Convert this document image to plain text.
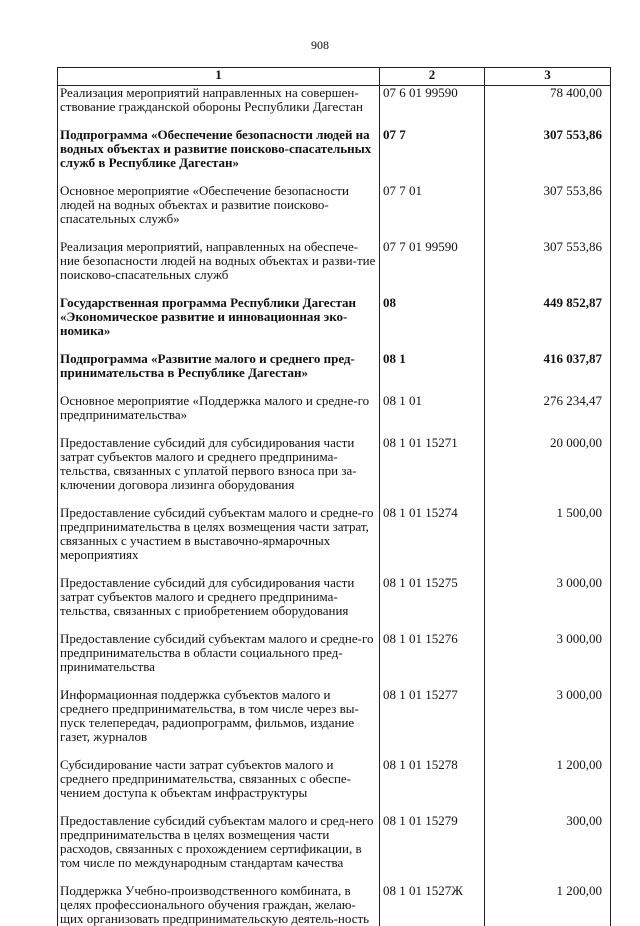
908
1	2	3
Реализация мероприятий направленных на совершен-ствование гражданской обороны Республики Дагестан	07 6 01 99590	78 400,00

Подпрограмма «Обеспечение безопасности людей на водных объектах и развитие поисково-спасательных служб в Республике Дагестан»	07 7	307 553,86

Основное мероприятие «Обеспечение безопасности людей на водных объектах и развитие поисково-спасательных служб»	07 7 01	307 553,86

Реализация мероприятий, направленных на обеспече-ние безопасности людей на водных объектах и разви-тие поисково-спасательных служб	07 7 01 99590	307 553,86

Государственная программа Республики Дагестан «Экономическое развитие и инновационная эко-номика»	08	449 852,87

Подпрограмма «Развитие малого и среднего пред-принимательства в Республике Дагестан»	08 1	416 037,87

Основное мероприятие «Поддержка малого и средне-го предпринимательства»	08 1 01	276 234,47

Предоставление субсидий для субсидирования части затрат субъектов малого и среднего предпринима-тельства, связанных с уплатой первого взноса при за-ключении договора лизинга оборудования	08 1 01 15271	20 000,00

Предоставление субсидий субъектам малого и средне-го предпринимательства в целях возмещения части затрат, связанных с участием в выставочно-ярмарочных мероприятиях	08 1 01 15274	1 500,00

Предоставление субсидий для субсидирования части затрат субъектов малого и среднего предпринима-тельства, связанных с приобретением оборудования	08 1 01 15275	3 000,00

Предоставление субсидий субъектам малого и средне-го предпринимательства в области социального пред-принимательства	08 1 01 15276	3 000,00

Информационная поддержка субъектов малого и среднего предпринимательства, в том числе через вы-пуск телепередач, радиопрограмм, фильмов, издание газет, журналов	08 1 01 15277	3 000,00

Субсидирование части затрат субъектов малого и среднего предпринимательства, связанных с обеспе-чением доступа к объектам инфраструктуры	08 1 01 15278	1 200,00

Предоставление субсидий субъектам малого и сред-него предпринимательства в целях возмещения части расходов, связанных с прохождением сертификации, в том числе по международным стандартам качества	08 1 01 15279	300,00

Поддержка Учебно-производственного комбината, в целях профессионального обучения граждан, желаю-щих организовать предпринимательскую деятель-ность	08 1 01 1527Ж	1 200,00
